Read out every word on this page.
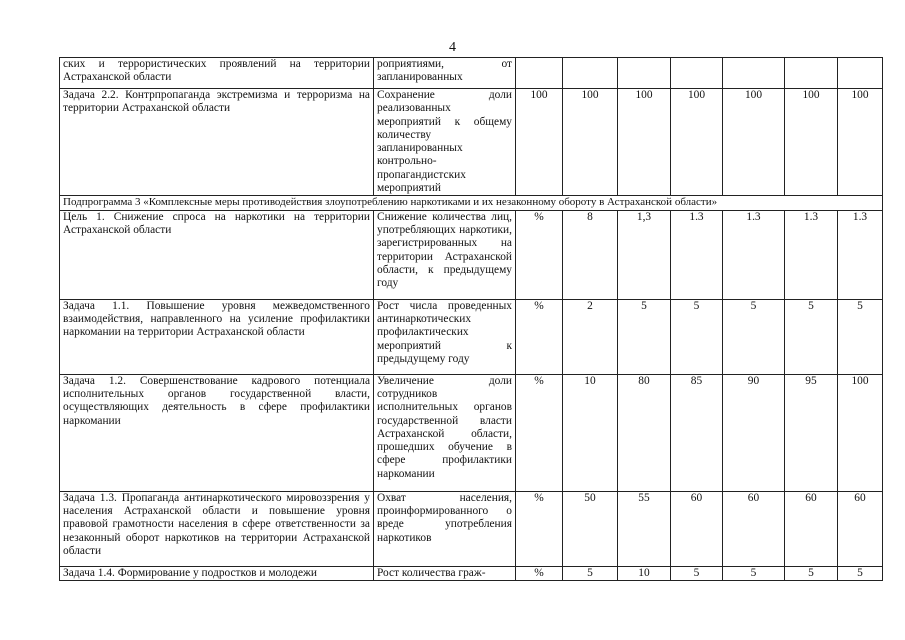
4
ских и террористических проявлений на территории Астраханской области	роприятиями, от запланированных							
Задача 2.2. Контрпропаганда экстремизма и терроризма на территории Астраханской области	Сохранение доли реализованных мероприятий к общему количеству запланированных контрольно-пропагандистских мероприятий	100	100	100	100	100	100	100
Подпрограмма 3 «Комплексные меры противодействия злоупотреблению наркотиками и их незаконному обороту в Астраханской области»								
Цель 1. Снижение спроса на наркотики на территории Астраханской области	Снижение количества лиц, употребляющих наркотики, зарегистрированных на территории Астраханской области, к предыдущему году	%	8	1,3	1.3	1.3	1.3	1.3
Задача 1.1. Повышение уровня межведомственного взаимодействия, направленного на усиление профилактики наркомании на территории Астраханской области	Рост числа проведенных антинаркотических профилактических мероприятий к предыдущему году	%	2	5	5	5	5	5
Задача 1.2. Совершенствование кадрового потенциала исполнительных органов государственной власти, осуществляющих деятельность в сфере профилактики наркомании	Увеличение доли сотрудников исполнительных органов государственной власти Астраханской области, прошедших обучение в сфере профилактики наркомании	%	10	80	85	90	95	100
Задача 1.3. Пропаганда антинаркотического мировоззрения у населения Астраханской области и повышение уровня правовой грамотности населения в сфере ответственности за незаконный оборот наркотиков на территории Астраханской области	Охват населения, проинформированного о вреде употребления наркотиков	%	50	55	60	60	60	60
Задача 1.4. Формирование у подростков и молодежи	Рост количества граж-	%	5	10	5	5	5	5
